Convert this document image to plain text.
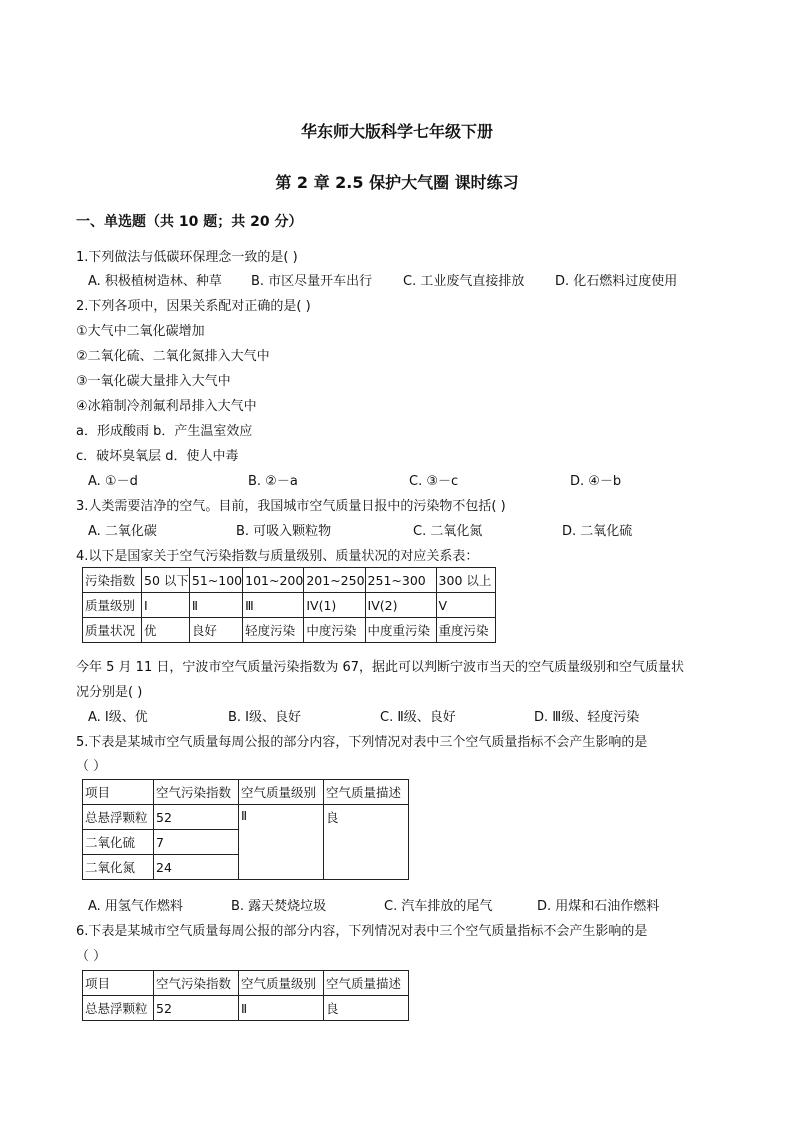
华东师大版科学七年级下册
第 2 章 2.5 保护大气圈 课时练习
一、单选题（共 10 题；共 20 分）
1.下列做法与低碳环保理念一致的是( )
A. 积极植树造林、种草 B. 市区尽量开车出行 C. 工业废气直接排放 D. 化石燃料过度使用
2.下列各项中，因果关系配对正确的是( )
①大气中二氧化碳增加
②二氧化硫、二氧化氮排入大气中
③一氧化碳大量排入大气中
④冰箱制冷剂氟利昂排入大气中
a．形成酸雨 b．产生温室效应
c．破坏臭氧层 d．使人中毒
A. ①－d	B. ②－a	C. ③－c	D. ④－b
3.人类需要洁净的空气。目前，我国城市空气质量日报中的污染物不包括( )
A. 二氧化碳	B. 可吸入颗粒物	C. 二氧化氮	D. 二氧化硫
4.以下是国家关于空气污染指数与质量级别、质量状况的对应关系表：
污染指数	50 以下	51~100	101~200	201~250	251~300	300 以上
质量级别	Ⅰ	Ⅱ	Ⅲ	IV(1)	IV(2)	V
质量状况	优	良好	轻度污染	中度污染	中度重污染	重度污染
今年 5 月 11 日，宁波市空气质量污染指数为 67，据此可以判断宁波市当天的空气质量级别和空气质量状
况分别是( )
A. Ⅰ级、优	B. Ⅰ级、良好	C. Ⅱ级、良好	D. Ⅲ级、轻度污染
5.下表是某城市空气质量每周公报的部分内容，下列情况对表中三个空气质量指标不会产生影响的是
（ ）
项目	空气污染指数	空气质量级别	空气质量描述
总悬浮颗粒	52	Ⅱ	良
二氧化硫	7		
二氧化氮	24		
A. 用氢气作燃料	B. 露天焚烧垃圾	C. 汽车排放的尾气	D. 用煤和石油作燃料
6.下表是某城市空气质量每周公报的部分内容，下列情况对表中三个空气质量指标不会产生影响的是
（ ）
项目	空气污染指数	空气质量级别	空气质量描述
总悬浮颗粒	52	Ⅱ	良
